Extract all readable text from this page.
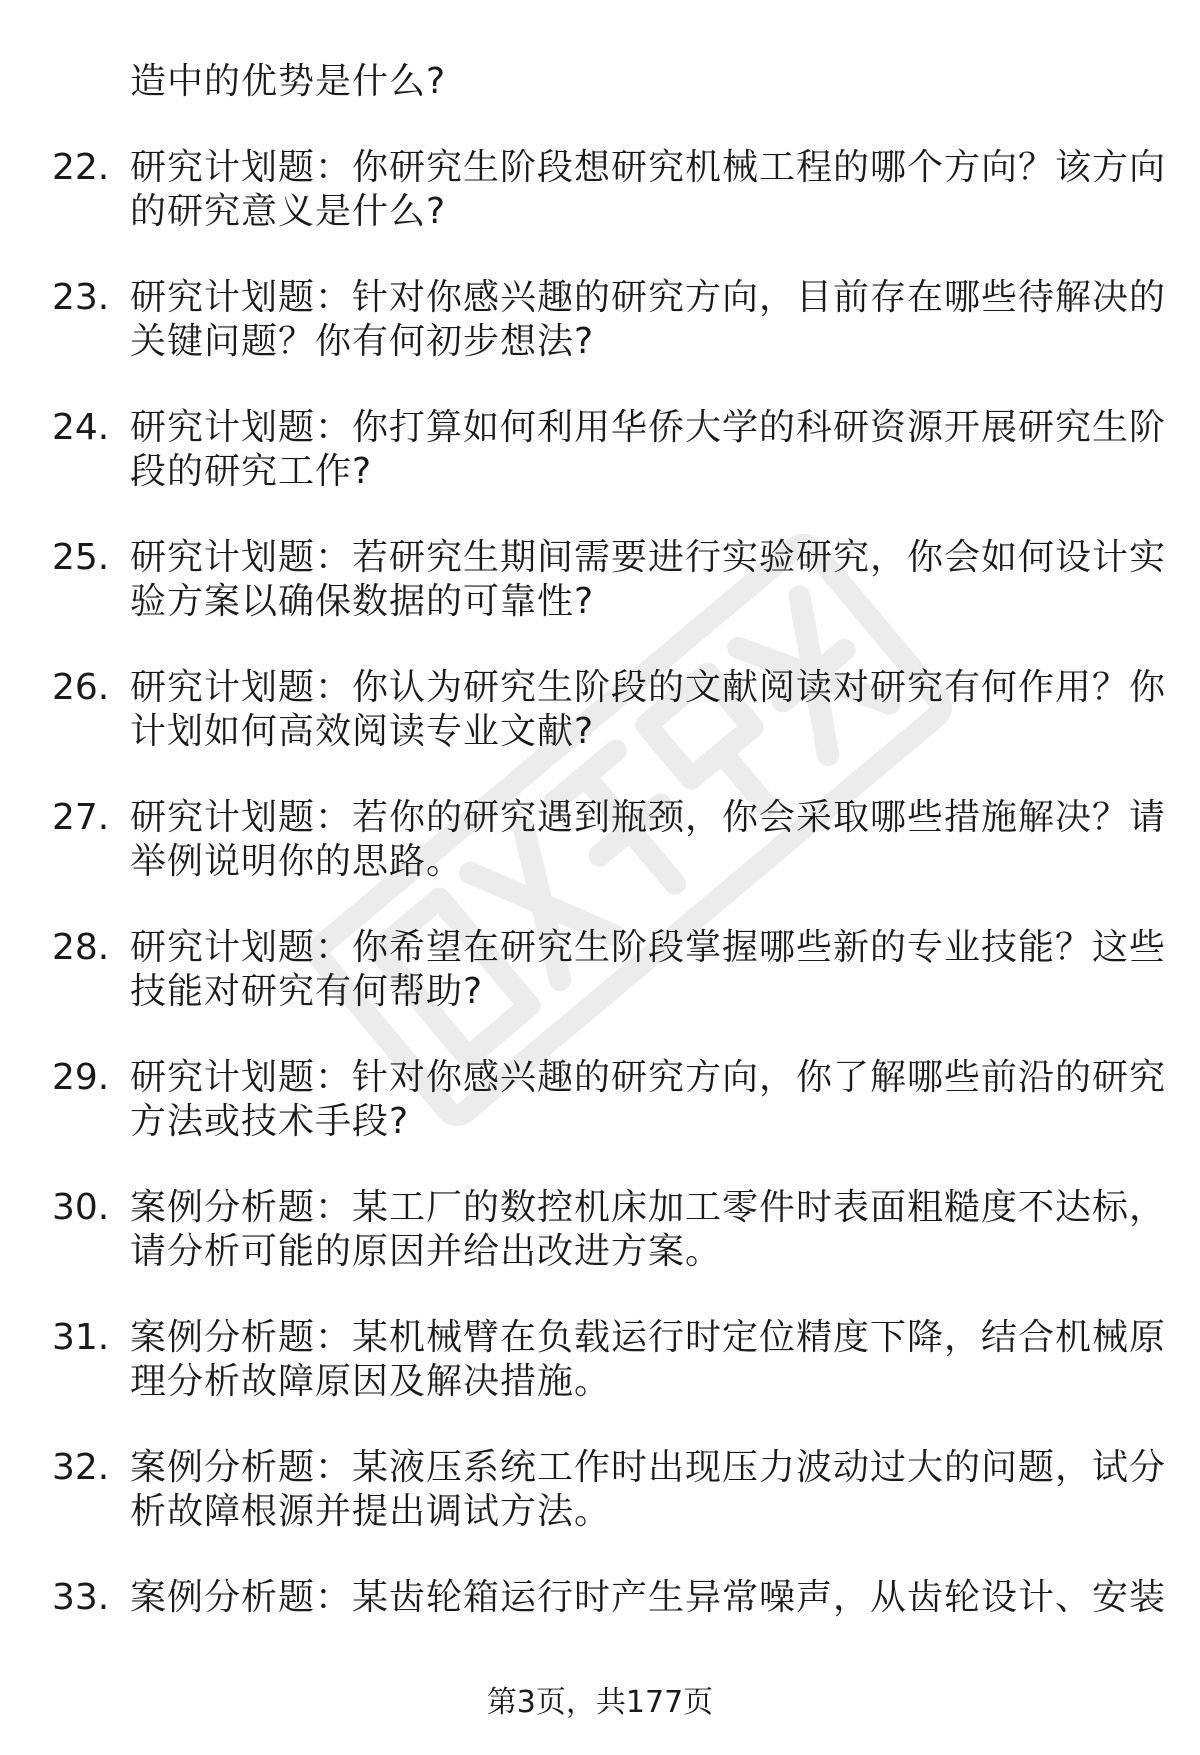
造中的优势是什么?
22. 研究计划题：你研究生阶段想研究机械工程的哪个方向？该方向
的研究意义是什么?
23. 研究计划题：针对你感兴趣的研究方向，目前存在哪些待解决的
关键问题？你有何初步想法?
24. 研究计划题：你打算如何利用华侨大学的科研资源开展研究生阶
段的研究工作?
25. 研究计划题：若研究生期间需要进行实验研究，你会如何设计实
验方案以确保数据的可靠性?
26. 研究计划题：你认为研究生阶段的文献阅读对研究有何作用？你
计划如何高效阅读专业文献?
27. 研究计划题：若你的研究遇到瓶颈，你会采取哪些措施解决？请
举例说明你的思路。
28. 研究计划题：你希望在研究生阶段掌握哪些新的专业技能？这些
技能对研究有何帮助?
29. 研究计划题：针对你感兴趣的研究方向，你了解哪些前沿的研究
方法或技术手段?
30. 案例分析题：某工厂的数控机床加工零件时表面粗糙度不达标，
请分析可能的原因并给出改进方案。
31. 案例分析题：某机械臂在负载运行时定位精度下降，结合机械原
理分析故障原因及解决措施。
32. 案例分析题：某液压系统工作时出现压力波动过大的问题，试分
析故障根源并提出调试方法。
33. 案例分析题：某齿轮箱运行时产生异常噪声，从齿轮设计、安装
第3页，共177页
